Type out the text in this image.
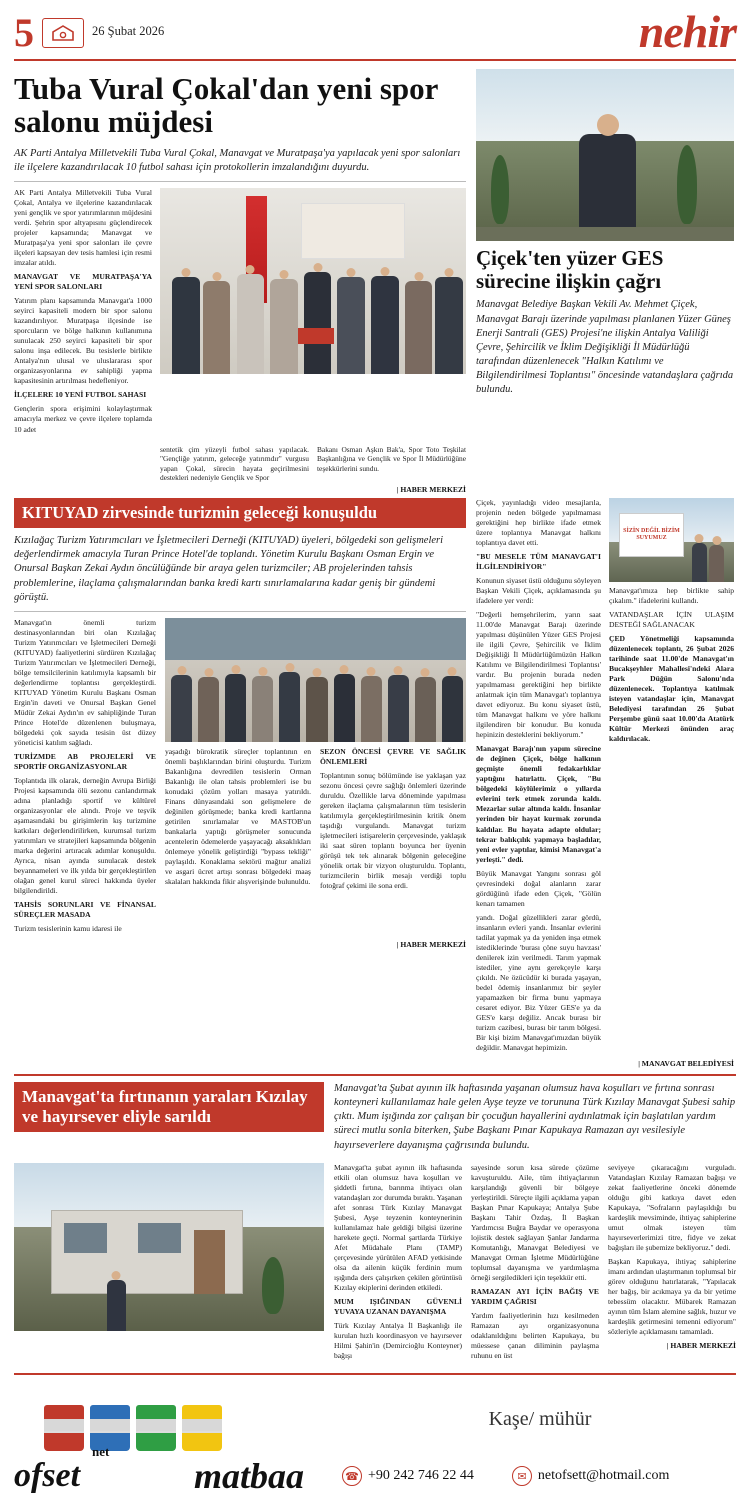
5	26 Şubat 2026	nehir
Tuba Vural Çokal'dan yeni spor salonu müjdesi
AK Parti Antalya Milletvekili Tuba Vural Çokal, Manavgat ve Muratpaşa'ya yapılacak yeni spor salonları ile ilçelere kazandırılacak 10 futbol sahası için protokollerin imzalandığını duyurdu.

AK Parti Antalya Milletvekili Tuba Vural Çokal, Antalya ve ilçelerine kazandırılacak yeni gençlik ve spor yatırımlarının müjdesini verdi. Şehrin spor altyapısını güçlendirecek projeler kapsamında; Manavgat ve Muratpaşa'ya yeni spor salonları ile çevre ilçeleri kapsayan dev tesis hamlesi için resmi imzalar atıldı.

MANAVGAT VE MURATPAŞA'YA YENİ SPOR SALONLARI

Yatırım planı kapsamında Manavgat'a 1000 seyirci kapasiteli modern bir spor salonu kazandırılıyor. Muratpaşa ilçesinde ise sporcuların ve bölge halkının kullanımına sunulacak 250 seyirci kapasiteli bir spor salonu inşa edilecek. Bu tesislerle birlikte Antalya'nın ulusal ve uluslararası spor organizasyonlarına ev sahipliği yapma kapasitesinin artırılması hedefleniyor.

İLÇELERE 10 YENİ FUTBOL SAHASI

Gençlerin spora erişimini kolaylaştırmak amacıyla merkez ve çevre ilçelere toplamda 10 adet

sentetik çim yüzeyli futbol sahası yapılacak. "Gençliğe yatırım, geleceğe yatırımdır" vurgusu yapan Çokal, sürecin hayata geçirilmesini destekleri nedeniyle Gençlik ve Spor
Bakanı Osman Aşkın Bak'a, Spor Toto Teşkilat Başkanlığına ve Gençlik ve Spor İl Müdürlüğüne teşekkürlerini sundu.
| HABER MERKEZİ
Çiçek'ten yüzer GES sürecine ilişkin çağrı
Manavgat Belediye Başkan Vekili Av. Mehmet Çiçek, Manavgat Barajı üzerinde yapılması planlanen Yüzer Güneş Enerji Santrali (GES) Projesi'ne ilişkin Antalya Valiliği Çevre, Şehircilik ve İklim Değişikliği İl Müdürlüğü tarafından düzenlenecek "Halkın Katılımı ve Bilgilendirilmesi Toplantısı" öncesinde vatandaşlara çağrıda bulundu.
KITUYAD zirvesinde turizmin geleceği konuşuldu
Kızılağaç Turizm Yatırımcıları ve İşletmecileri Derneği (KITUYAD) üyeleri, bölgedeki son gelişmeleri değerlendirmek amacıyla Turan Prince Hotel'de toplandı. Yönetim Kurulu Başkanı Osman Ergin ve Onursal Başkan Zekai Aydın öncülüğünde bir araya gelen turizmciler; AB projelerinden tahsis problemlerine, ilaçlama çalışmalarından banka kredi kartı sınırlamalarına kadar geniş bir gündemi görüştü.

Manavgat'ın önemli turizm destinasyonlarından biri olan Kızılağaç Turizm Yatırımcıları ve İşletmecileri Derneği (KITUYAD) faaliyetlerini sürdüren Kızılağaç Turizm Yatırımcıları ve İşletmecileri Derneği, bölge temsilcilerinin katılımıyla kapsamlı bir değerlendirme toplantısı gerçekleştirdi. KITUYAD Yönetim Kurulu Başkanı Osman Ergin'in daveti ve Onursal Başkan Genel Müdür Zekai Aydın'ın ev sahipliğinde Turan Prince Hotel'de düzenlenen buluşmaya, bölgedeki çok sayıda tesisin üst düzey yöneticisi katılım sağladı.

TURİZMDE AB PROJELERİ VE SPORTİF ORGANİZASYONLAR

Toplantıda ilk olarak, derneğin Avrupa Birliği Projesi kapsamında ölü sezonu canlandırmak adına planladığı sportif ve kültürel organizasyonlar ele alındı. Proje ve teşvik aşamasındaki bu girişimlerin kış turizmine katkıları değerlendirilirken, kurumsal turizm yatırımları ve stratejileri kapsamında bölgenin marka değerini artıracak adımlar konuşuldu. Ayrıca, nisan ayında sunulacak destek beyannameleri ve ilk yılda bir gerçekleştirilen olağan genel kurul süreci hakkında üyeler bilgilendirildi.

TAHSİS SORUNLARI VE FİNANSAL SÜREÇLER MASADA

Turizm tesislerinin kamu idaresi ile

yaşadığı bürokratik süreçler toplantının en önemli başlıklarından birini oluşturdu. Turizm Bakanlığına devredilen tesislerin Orman Bakanlığı ile olan tahsis problemleri ise bu konudaki çözüm yolları masaya yatırıldı. Finans dünyasındaki son gelişmelere de değinilen görüşmede; banka kredi kartlarına getirilen sınırlamalar ve MASTOB'un bankalarla yaptığı görüşmeler sonucunda acentelerin ödemelerde yaşayacağı aksaklıkları önlemeye yönelik geliştirdiği "bypass tekliği" paylaşıldı. Konaklama sektörü mağtur analizi ve asgari ücret artışı sonrası bölgedeki maaş skalaları hakkında fikir alışverişinde bulunuldu.

SEZON ÖNCESİ ÇEVRE VE SAĞLIK ÖNLEMLERİ

Toplantının sonuç bölümünde ise yaklaşan yaz sezonu öncesi çevre sağlığı önlemleri üzerinde duruldu. Özellikle larva döneminde yapılması gereken ilaçlama çalışmalarının tüm tesislerin katılımıyla gerçekleştirilmesinin kritik önem taşıdığı vurgulandı. Manavgat turizm işletmecileri istişarelerin çerçevesinde, yaklaşık iki saat süren toplantı boyunca her üyenin görüşü tek tek alınarak bölgenin geleceğine yönelik ortak bir vizyon oluşturuldu. Toplantı, turizmcilerin birlik mesajı verdiği toplu fotoğraf çekimi ile sona erdi.

| HABER MERKEZİ

Çiçek, yayınladığı video mesajlarıla, projenin neden bölgede yapılmaması gerektiğini hep birlikte ifade etmek üzere toplantıya Manavgat halkını toplantıya davet etti.

"BU MESELE TÜM MANAVGAT'I İLGİLENDİRİYOR"

Konunun siyaset üstü olduğunu söyleyen Başkan Vekili Çiçek, açıklamasında şu ifadelere yer verdi:

"Değerli hemşehrilerim, yarın saat 11.00'de Manavgat Barajı üzerinde yapılması düşünülen Yüzer GES Projesi ile ilgili Çevre, Şehircilik ve İklim Değişikliği İl Müdürlüğümüzün Halkın Katılımı ve Bilgilendirilmesi Toplantısı' vardır. Bu projenin burada neden yapılmaması gerektiğini hep birlikte anlatmak için tüm Manavgat'ı toplantıya davet ediyoruz. Bu konu siyaset üstü, tüm Manavgat halkını ve yöre halkını ilgilendiren bir konudur. Bu konuda hepinizin desteklerini bekliyorum."

Manavgat Barajı'nın yapım sürecine de değinen Çiçek, bölge halkının geçmişte önemli fedakarlıklar yaptığını hatırlattı. Çiçek, "Bu bölgedeki köylülerimiz o yıllarda evlerini terk etmek zorunda kaldı. Mezarlar sular altında kaldı. İnsanlar yerinden bir hayat kurmak zorunda kaldılar. Bu hayata adapte oldular; tekrar balıkçılık yapmaya başladılar, yeni evler yaptılar, kimisi Manavgat'a yerleşti." dedi.

Büyük Manavgat Yangını sonrası göl çevresindeki doğal alanların zarar gördüğünü ifade eden Çiçek, "Gölün kenarı tamamen

yandı. Doğal güzellikleri zarar gördü, insanların evleri yandı. İnsanlar evlerini tadilat yapmak ya da yeniden inşa etmek istediklerinde 'burası çöne suyu havzası' denilerek izin verilmedi. Tarım yapmak istediler, yine aynı gerekçeyle karşı çıkıldı. Ne özücüdür ki burada yaşayan, bedel ödemiş insanlarımız bir şeyler yapamazken bir firma bunu yapmaya cesaret ediyor. Biz Yüzer GES'e ya da GES'e karşı değiliz. Ancak burası bir turizm cazibesi, burası bir tarım bölgesi. Bir kişi bizim Manavgat'ımızdan büyük değildir. Manavgat hepimizin.

SİZİN DEĞİL BİZİM SUYUMUZ

Manavgat'ımıza hep birlikte sahip çıkalım." ifadelerini kullandı.

VATANDAŞLAR İÇİN ULAŞIM DESTEĞİ SAĞLANACAK

ÇED Yönetmeliği kapsamında düzenlenecek toplantı, 26 Şubat 2026 tarihinde saat 11.00'de Manavgat'ın Bucakşeyhler Mahallesi'ndeki Alara Park Düğün Salonu'nda düzenlenecek. Toplantıya katılmak isteyen vatandaşlar için, Manavgat Belediyesi tarafından 26 Şubat Perşembe günü saat 10.00'da Atatürk Kültür Merkezi önünden araç kaldırılacak.

| MANAVGAT BELEDİYESİ
Manavgat'ta fırtınanın yaraları Kızılay ve hayırsever eliyle sarıldı
Manavgat'ta Şubat ayının ilk haftasında yaşanan olumsuz hava koşulları ve fırtına sonrası konteyneri kullanılamaz hale gelen Ayşe teyze ve torununa Türk Kızılay Manavgat Şubesi sahip çıktı. Mum işığında zor çalışan bir çocuğun hayallerini aydınlatmak için başlatılan yardım süreci mutlu sonla biterken, Şube Başkanı Pınar Kapukaya Ramazan ayı vesilesiyle hayırseverlere dayanışma çağrısında bulundu.

Manavgat'ta şubat ayının ilk haftasında etkili olan olumsuz hava koşulları ve şiddetli fırtına, barınma ihtiyacı olan vatandaşları zor durumda bıraktı. Yaşanan afet sonrası Türk Kızılay Manavgat Şubesi, Ayşe teyzenin konteynerinin kullanılamaz hale geldiği bilgisi üzerine harekete geçti. Normal şartlarda Türkiye Afet Müdahale Planı (TAMP) çerçevesinde yürütülen AFAD yetkisinde olsa da ailenin küçük ferdinin mum ışığında ders çalışırken çekilen görüntüsü Kızılay ekiplerini derinden etkiledi.

MUM IŞIĞINDAN GÜVENLİ YUVAYA UZANAN DAYANIŞMA

Türk Kızılay Antalya İl Başkanlığı ile kurulan hızlı koordinasyon ve hayırsever Hilmi Şahin'in (Demircioğlu Konteyner) bağışı

sayesinde sorun kısa sürede çözüme kavuşturuldu. Aile, tüm ihtiyaçlarının karşılandığı güvenli bir bölgeye yerleştirildi. Süreçte ilgili açıklama yapan Başkan Pınar Kapukaya; Antalya Şube Başkanı Tahir Özdaş, İl Başkan Yardımcısı Buğra Baydar ve operasyona lojistik destek sağlayan Şanlar Jandarma Komutanlığı, Manavgat Belediyesi ve Manavgat Orman İşletme Müdürlüğüne toplumsal dayanışma ve yardımlaşma örneği sergiledikleri için teşekkür etti.

RAMAZAN AYI İÇİN BAĞIŞ VE YARDIM ÇAĞRISI

Yardım faaliyetlerinin hızı kesilmeden Ramazan ayı organizasyonuna odaklanıldığını belirten Kapukaya, bu müessese çanan diliminin paylaşma ruhunu en üst

seviyeye çıkaracağını vurguladı. Vatandaşları Kızılay Ramazan bağışı ve zekat faaliyetlerine önceki dönemde olduğu gibi katkıya davet eden Kapukaya, "Sofraların paylaşıldığı bu kardeşlik mevsiminde, ihtiyaç sahiplerine umut olmak isteyen tüm hayırseverlerimizi titre, fidye ve zekat bağışları ile şubemize bekliyoruz." dedi.

Başkan Kapukaya, ihtiyaç sahiplerine imanı ardından ulaştırmanın toplumsal bir görev olduğunu hatırlatarak, "Yapılacak her bağış, bir acıkmaya ya da bir yetime tebessüm olacaktır. Mübarek Ramazan ayının tüm İslam alemine sağlık, huzur ve kardeşlik getirmesini temenni ediyorum" sözleriyle açıklamasını tamamladı.

| HABER MERKEZİ
Kaşe/ mühür
net
ofset	matbaa	☎ +90 242 746 22 44	✉ netofsett@hotmail.com
